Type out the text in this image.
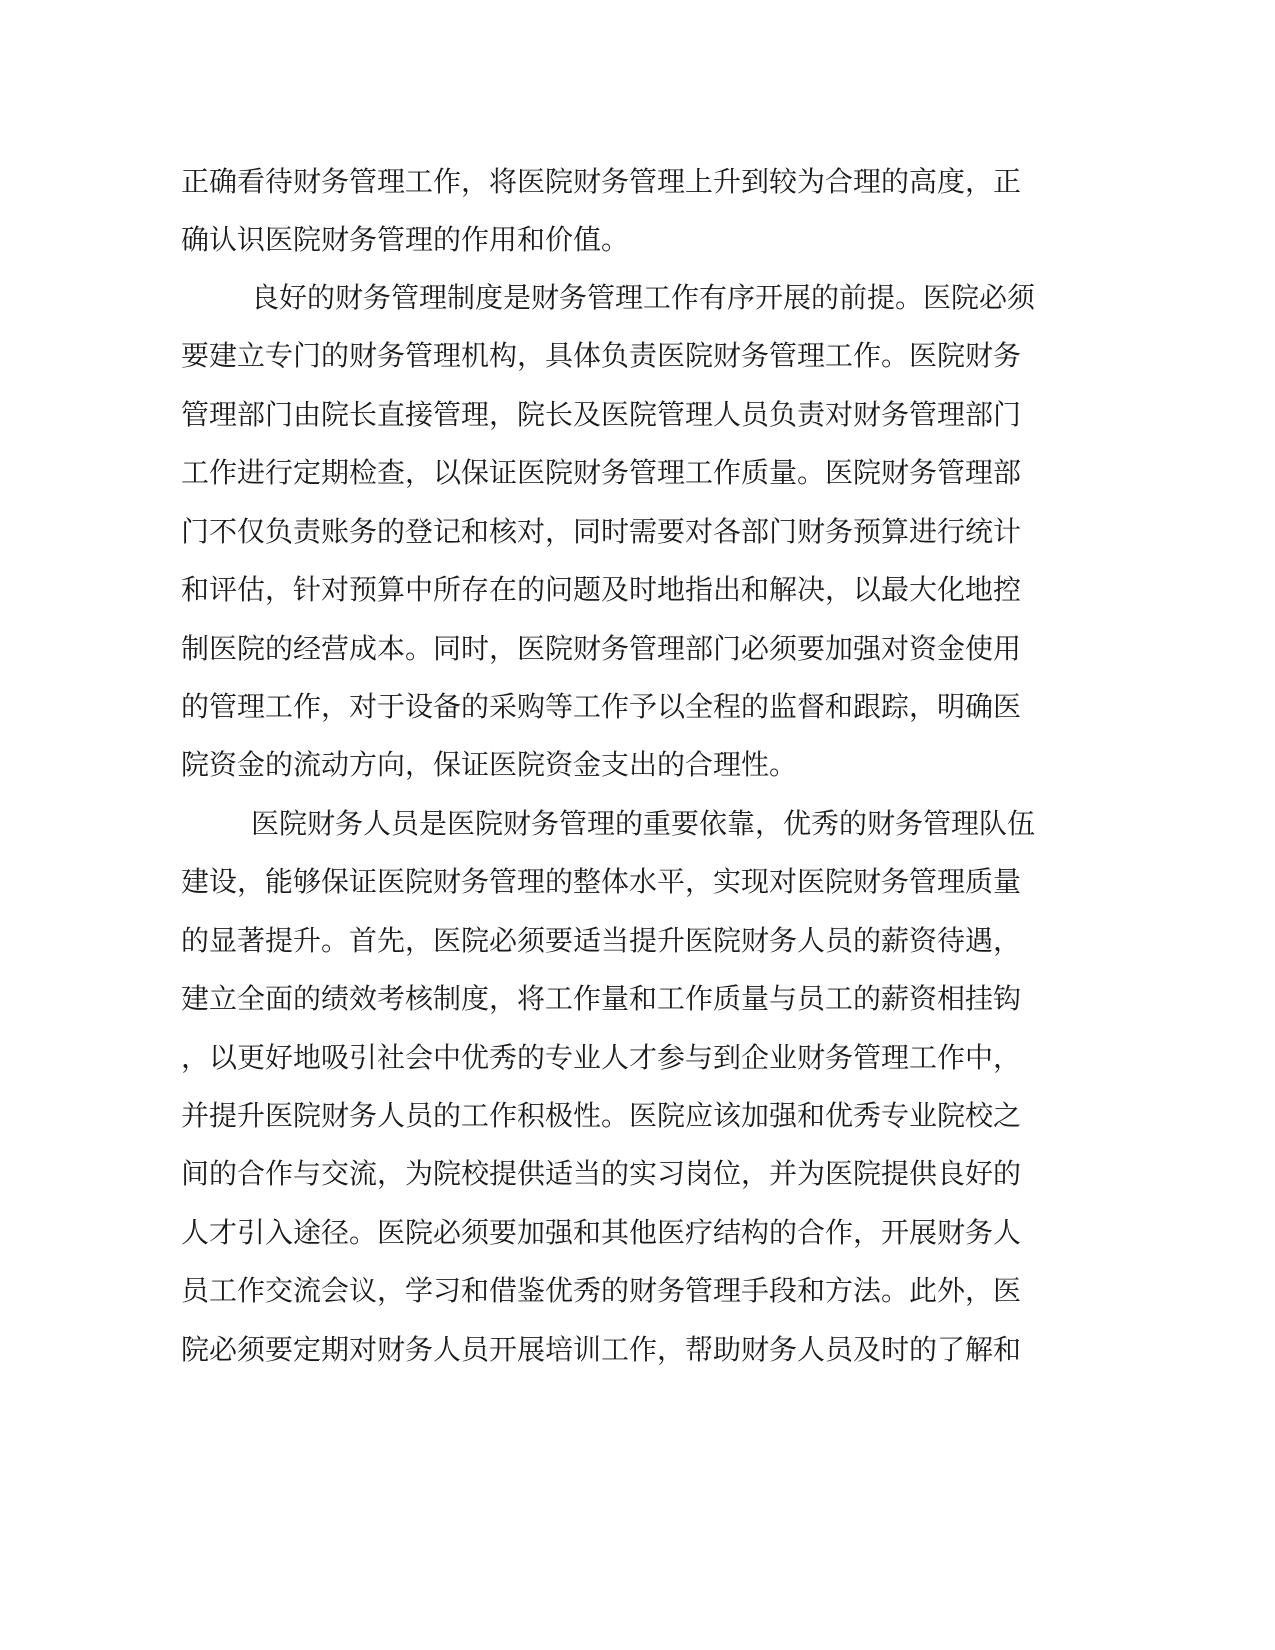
正确看待财务管理工作，将医院财务管理上升到较为合理的高度，正
确认识医院财务管理的作用和价值。
良好的财务管理制度是财务管理工作有序开展的前提。医院必须
要建立专门的财务管理机构，具体负责医院财务管理工作。医院财务
管理部门由院长直接管理，院长及医院管理人员负责对财务管理部门
工作进行定期检查，以保证医院财务管理工作质量。医院财务管理部
门不仅负责账务的登记和核对，同时需要对各部门财务预算进行统计
和评估，针对预算中所存在的问题及时地指出和解决，以最大化地控
制医院的经营成本。同时，医院财务管理部门必须要加强对资金使用
的管理工作，对于设备的采购等工作予以全程的监督和跟踪，明确医
院资金的流动方向，保证医院资金支出的合理性。
医院财务人员是医院财务管理的重要依靠，优秀的财务管理队伍
建设，能够保证医院财务管理的整体水平，实现对医院财务管理质量
的显著提升。首先，医院必须要适当提升医院财务人员的薪资待遇，
建立全面的绩效考核制度，将工作量和工作质量与员工的薪资相挂钩
，以更好地吸引社会中优秀的专业人才参与到企业财务管理工作中，
并提升医院财务人员的工作积极性。医院应该加强和优秀专业院校之
间的合作与交流，为院校提供适当的实习岗位，并为医院提供良好的
人才引入途径。医院必须要加强和其他医疗结构的合作，开展财务人
员工作交流会议，学习和借鉴优秀的财务管理手段和方法。此外，医
院必须要定期对财务人员开展培训工作，帮助财务人员及时的了解和
